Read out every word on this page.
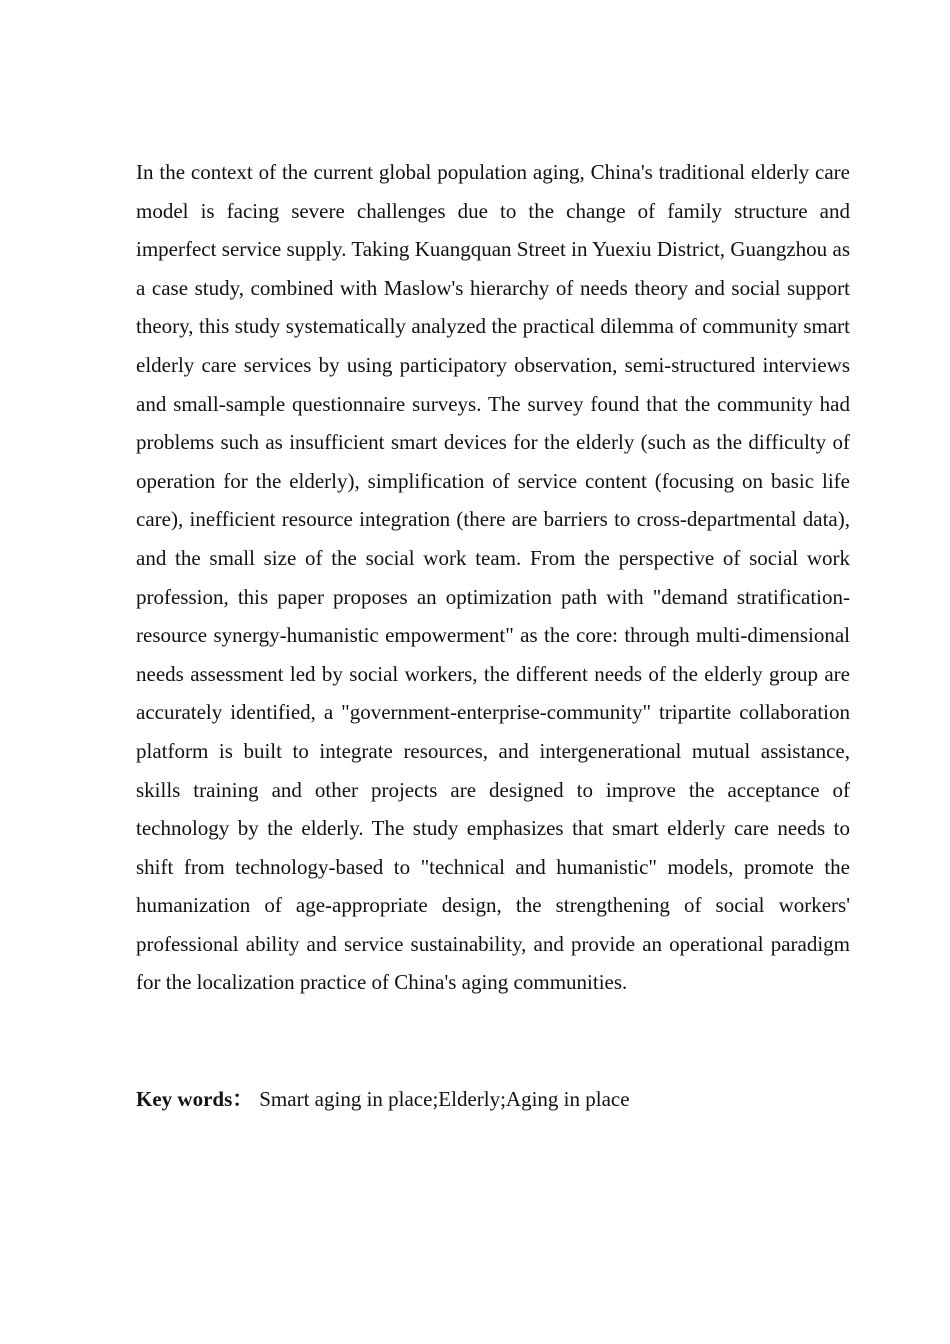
In the context of the current global population aging, China's traditional elderly care model is facing severe challenges due to the change of family structure and imperfect service supply. Taking Kuangquan Street in Yuexiu District, Guangzhou as a case study, combined with Maslow's hierarchy of needs theory and social support theory, this study systematically analyzed the practical dilemma of community smart elderly care services by using participatory observation, semi-structured interviews and small-sample questionnaire surveys. The survey found that the community had problems such as insufficient smart devices for the elderly (such as the difficulty of operation for the elderly), simplification of service content (focusing on basic life care), inefficient resource integration (there are barriers to cross-departmental data), and the small size of the social work team. From the perspective of social work profession, this paper proposes an optimization path with "demand stratification-resource synergy-humanistic empowerment" as the core: through multi-dimensional needs assessment led by social workers, the different needs of the elderly group are accurately identified, a "government-enterprise-community" tripartite collaboration platform is built to integrate resources, and intergenerational mutual assistance, skills training and other projects are designed to improve the acceptance of technology by the elderly. The study emphasizes that smart elderly care needs to shift from technology-based to "technical and humanistic" models, promote the humanization of age-appropriate design, the strengthening of social workers' professional ability and service sustainability, and provide an operational paradigm for the localization practice of China's aging communities.

Key words： Smart aging in place;Elderly;Aging in place
